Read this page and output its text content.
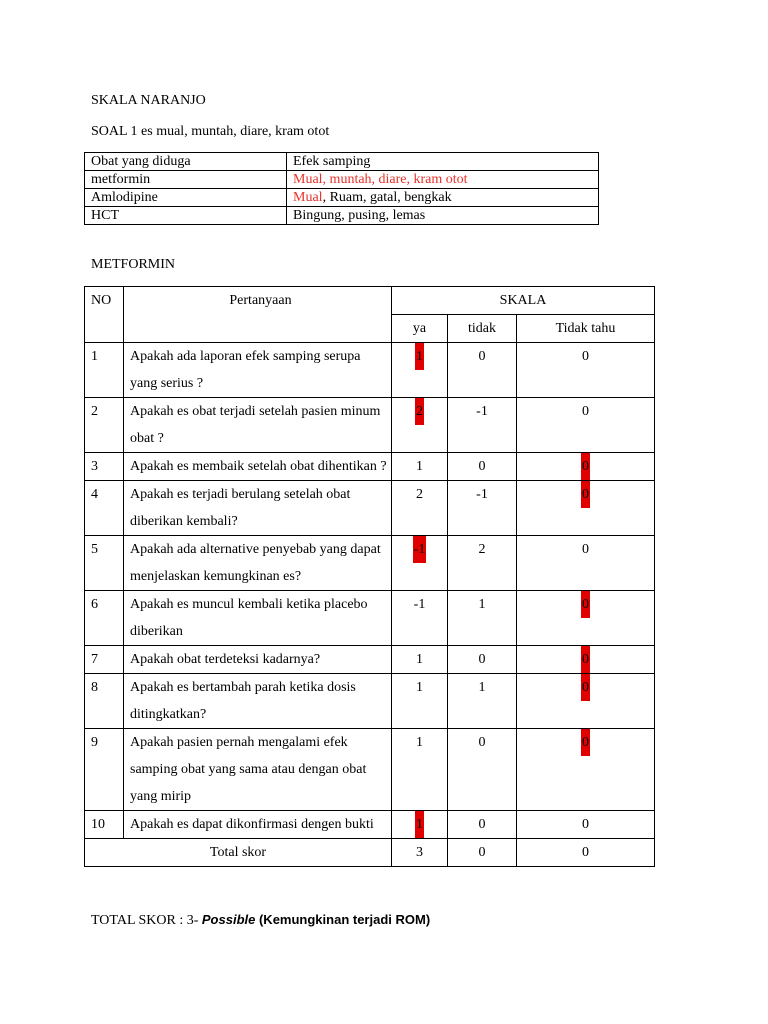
SKALA NARANJO
SOAL 1 es mual, muntah, diare, kram otot
Obat yang diduga	Efek samping
metformin	Mual, muntah, diare, kram otot
Amlodipine	Mual, Ruam, gatal, bengkak
HCT	Bingung, pusing, lemas
METFORMIN
NO	Pertanyaan	SKALA		
		ya	tidak	Tidak tahu
1	Apakah ada laporan efek samping serupa yang serius ?	1	0	0
2	Apakah es obat terjadi setelah pasien minum obat ?	2	-1	0
3	Apakah es membaik setelah obat dihentikan ?	1	0	0
4	Apakah es terjadi berulang setelah obat diberikan kembali?	2	-1	0
5	Apakah ada alternative penyebab yang dapat menjelaskan kemungkinan es?	-1	2	0
6	Apakah es muncul kembali ketika placebo diberikan	-1	1	0
7	Apakah obat terdeteksi kadarnya?	1	0	0
8	Apakah es bertambah parah ketika dosis ditingkatkan?	1	1	0
9	Apakah pasien pernah mengalami efek samping obat yang sama atau dengan obat yang mirip	1	0	0
10	Apakah es dapat dikonfirmasi dengen bukti	1	0	0
Total skor		3	0	0
TOTAL SKOR : 3- Possible (Kemungkinan terjadi ROM)
